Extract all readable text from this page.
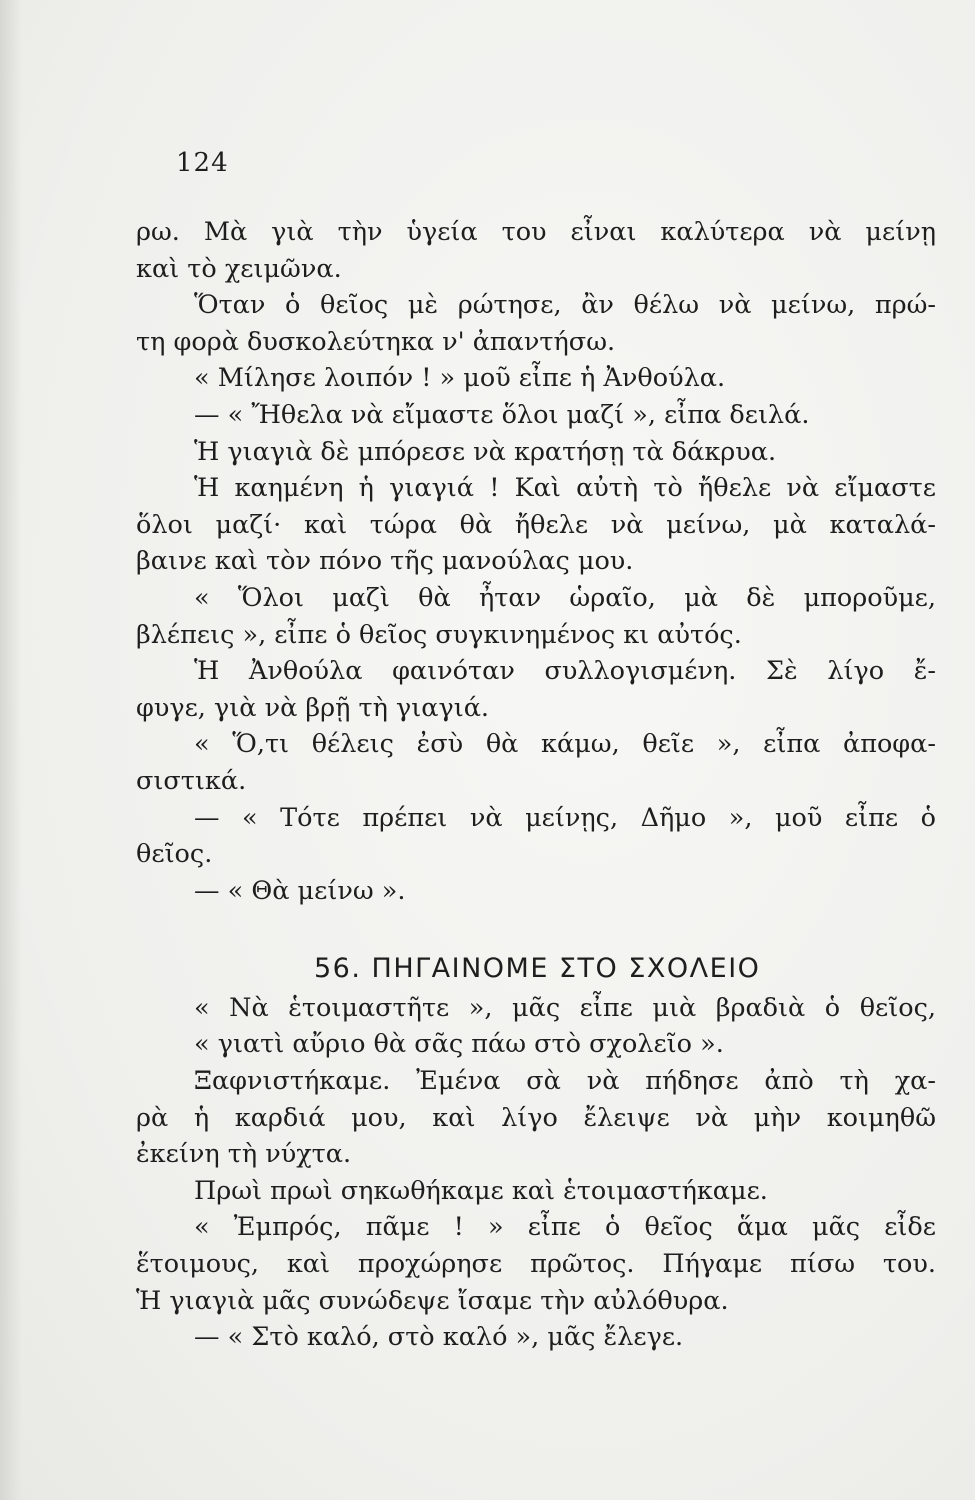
124
ρω. Μὰ γιὰ τὴν ὑγεία του εἶναι καλύτερα νὰ μείνῃ
καὶ τὸ χειμῶνα.
Ὅταν ὁ θεῖος μὲ ρώτησε, ἂν θέλω νὰ μείνω, πρώ-
τη φορὰ δυσκολεύτηκα ν' ἀπαντήσω.
« Μίλησε λοιπόν ! » μοῦ εἶπε ἡ Ἀνθούλα.
— « Ἤθελα νὰ εἴμαστε ὅλοι μαζί », εἶπα δειλά.
Ἡ γιαγιὰ δὲ μπόρεσε νὰ κρατήσῃ τὰ δάκρυα.
Ἡ καημένη ἡ γιαγιά ! Καὶ αὐτὴ τὸ ἤθελε νὰ εἴμαστε
ὅλοι μαζί· καὶ τώρα θὰ ἤθελε νὰ μείνω, μὰ καταλά-
βαινε καὶ τὸν πόνο τῆς μανούλας μου.
« Ὅλοι μαζὶ θὰ ἦταν ὡραῖο, μὰ δὲ μποροῦμε,
βλέπεις », εἶπε ὁ θεῖος συγκινημένος κι αὐτός.
Ἡ Ἀνθούλα φαινόταν συλλογισμένη. Σὲ λίγο ἔ-
φυγε, γιὰ νὰ βρῇ τὴ γιαγιά.
« Ὅ,τι θέλεις ἐσὺ θὰ κάμω, θεῖε », εἶπα ἀποφα-
σιστικά.
— « Τότε πρέπει νὰ μείνῃς, Δῆμο », μοῦ εἶπε ὁ
θεῖος.
— « Θὰ μείνω ».
56. ΠΗΓΑΙΝΟΜΕ ΣΤΟ ΣΧΟΛΕΙΟ
« Νὰ ἑτοιμαστῆτε », μᾶς εἶπε μιὰ βραδιὰ ὁ θεῖος,
« γιατὶ αὔριο θὰ σᾶς πάω στὸ σχολεῖο ».
Ξαφνιστήκαμε. Ἐμένα σὰ νὰ πήδησε ἀπὸ τὴ χα-
ρὰ ἡ καρδιά μου, καὶ λίγο ἔλειψε νὰ μὴν κοιμηθῶ
ἐκείνη τὴ νύχτα.
Πρωὶ πρωὶ σηκωθήκαμε καὶ ἑτοιμαστήκαμε.
« Ἐμπρός, πᾶμε ! » εἶπε ὁ θεῖος ἅμα μᾶς εἶδε
ἕτοιμους, καὶ προχώρησε πρῶτος. Πήγαμε πίσω του.
Ἡ γιαγιὰ μᾶς συνώδεψε ἴσαμε τὴν αὐλόθυρα.
— « Στὸ καλό, στὸ καλό », μᾶς ἔλεγε.
